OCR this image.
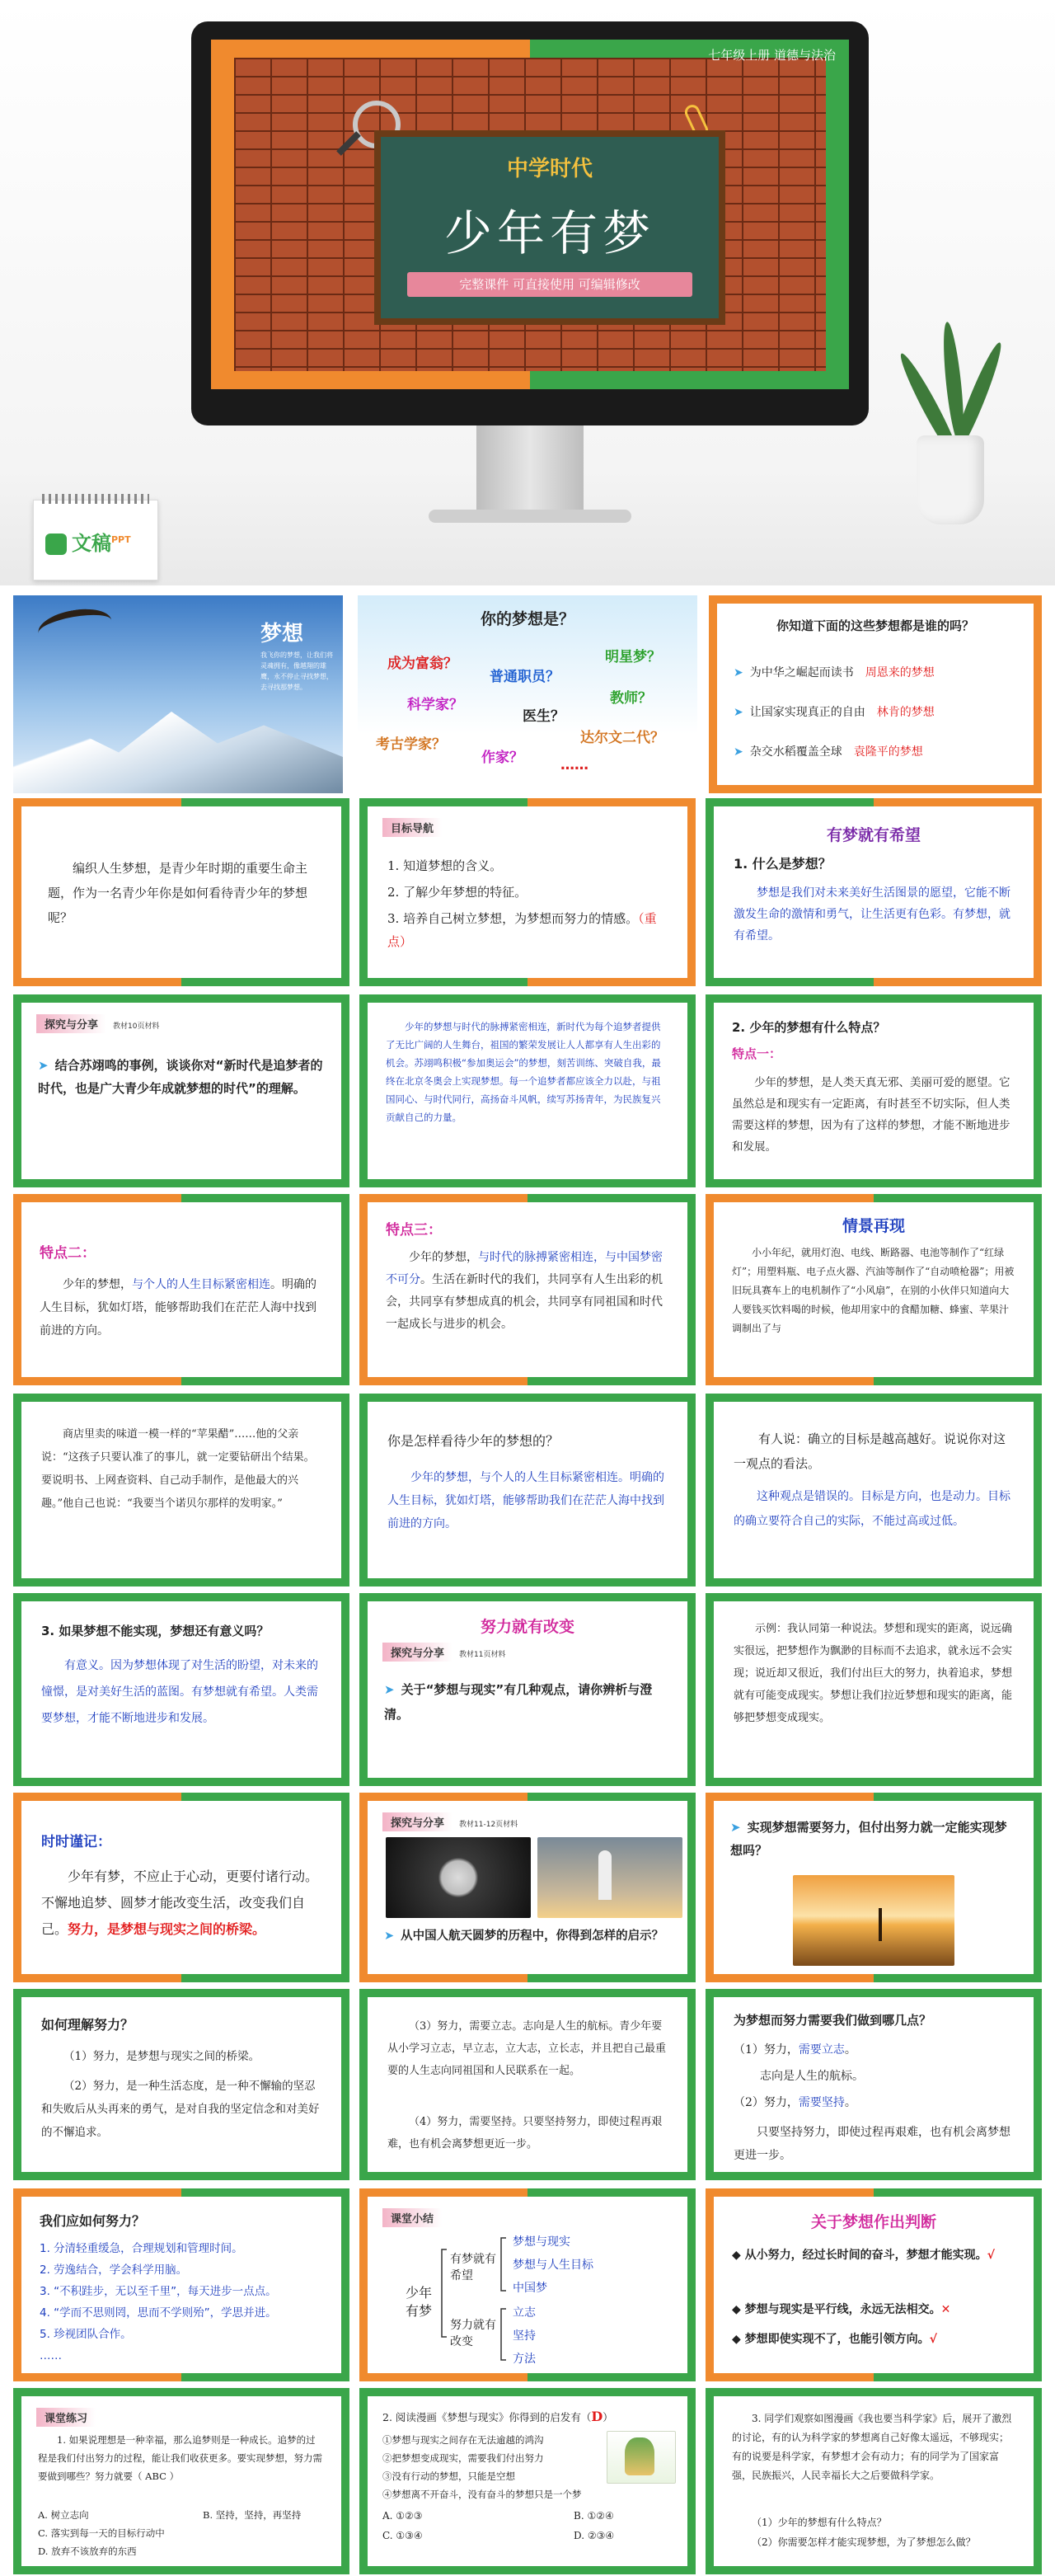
七年级上册 道德与法治
中学时代
少年有梦
完整课件 可直接使用 可编辑修改
文稿$^{PPT}$
梦想
我飞你的梦想，让我们将灵魂拥有，像越翔的雄鹰，永不停止寻找梦想，去寻找那梦想。
你的梦想是？
成为富翁？
普通职员？
明星梦？
科学家？
医生？
教师？
考古学家？
作家？
达尔文二代？
……
你知道下面的这些梦想都是谁的吗？
➤ 为中华之崛起而读书　 周恩来的梦想
➤ 让国家实现真正的自由　 林肯的梦想
➤ 杂交水稻覆盖全球　 袁隆平的梦想
编织人生梦想，是青少年时期的重要生命主题，作为一名青少年你是如何看待青少年的梦想呢？
目标导航
1. 知道梦想的含义。
2. 了解少年梦想的特征。
3. 培养自己树立梦想，为梦想而努力的情感。（重点）
有梦就有希望
1. 什么是梦想？
梦想是我们对未来美好生活图景的愿望，它能不断激发生命的激情和勇气，让生活更有色彩。有梦想，就有希望。
探究与分享 教材10页材料
➤ 结合苏翊鸣的事例，谈谈你对“新时代是追梦者的时代，也是广大青少年成就梦想的时代”的理解。
少年的梦想与时代的脉搏紧密相连，新时代为每个追梦者提供了无比广阔的人生舞台，祖国的繁荣发展让人人都享有人生出彩的机会。苏翊鸣积极“参加奥运会”的梦想，刻苦训练、突破自我，最终在北京冬奥会上实现梦想。每一个追梦者都应该全力以赴，与祖国同心、与时代同行，高扬奋斗风帆，续写苏扬青年，为民族复兴贡献自己的力量。
2. 少年的梦想有什么特点？
特点一：
少年的梦想，是人类天真无邪、美丽可爱的愿望。它虽然总是和现实有一定距离，有时甚至不切实际，但人类需要这样的梦想，因为有了这样的梦想，才能不断地进步和发展。
特点二：
少年的梦想，与个人的人生目标紧密相连。明确的人生目标，犹如灯塔，能够帮助我们在茫茫人海中找到前进的方向。
特点三：
少年的梦想，与时代的脉搏紧密相连，与中国梦密不可分。生活在新时代的我们，共同享有人生出彩的机会，共同享有梦想成真的机会，共同享有同祖国和时代一起成长与进步的机会。
情景再现
小小年纪，就用灯泡、电线、断路器、电池等制作了“红绿灯”；用塑料瓶、电子点火器、汽油等制作了“自动喷枪器”；用被旧玩具赛车上的电机制作了“小风扇”，在别的小伙伴只知道向大人要钱买饮料喝的时候，他却用家中的食醋加糖、蜂蜜、苹果汁调制出了与
商店里卖的味道一模一样的“苹果醋”……他的父亲说：“这孩子只要认准了的事儿，就一定要钻研出个结果。要说明书、上网查资料、自己动手制作，是他最大的兴趣。”他自己也说：“我要当个诺贝尔那样的发明家。”
你是怎样看待少年的梦想的？
少年的梦想，与个人的人生目标紧密相连。明确的人生目标，犹如灯塔，能够帮助我们在茫茫人海中找到前进的方向。
有人说：确立的目标是越高越好。说说你对这一观点的看法。
这种观点是错误的。目标是方向，也是动力。目标的确立要符合自己的实际，不能过高或过低。
3. 如果梦想不能实现，梦想还有意义吗？
有意义。因为梦想体现了对生活的盼望，对未来的憧憬，是对美好生活的蓝图。有梦想就有希望。人类需要梦想，才能不断地进步和发展。
努力就有改变
探究与分享 教材11页材料
➤ 关于“梦想与现实”有几种观点，请你辨析与澄清。
示例：我认同第一种说法。梦想和现实的距离，说远确实很远，把梦想作为飘渺的目标而不去追求，就永远不会实现；说近却又很近，我们付出巨大的努力，执着追求，梦想就有可能变成现实。梦想让我们拉近梦想和现实的距离，能够把梦想变成现实。
时时谨记：
少年有梦，不应止于心动，更要付诸行动。不懈地追梦、圆梦才能改变生活，改变我们自己。努力，是梦想与现实之间的桥梁。
探究与分享 教材11-12页材料
➤ 从中国人航天圆梦的历程中，你得到怎样的启示？
➤ 实现梦想需要努力，但付出努力就一定能实现梦想吗？
如何理解努力？
（1）努力，是梦想与现实之间的桥梁。
（2）努力，是一种生活态度，是一种不懈输的坚忍和失败后从头再来的勇气，是对自我的坚定信念和对美好的不懈追求。
（3）努力，需要立志。志向是人生的航标。青少年要从小学习立志，早立志，立大志，立长志，并且把自己最重要的人生志向同祖国和人民联系在一起。
（4）努力，需要坚持。只要坚持努力，即使过程再艰难，也有机会离梦想更近一步。
为梦想而努力需要我们做到哪几点？
（1）努力，需要立志。
志向是人生的航标。
（2）努力，需要坚持。
只要坚持努力，即使过程再艰难，也有机会离梦想更进一步。
我们应如何努力？
1. 分清轻重缓急，合理规划和管理时间。
2. 劳逸结合，学会科学用脑。
3. “不积跬步，无以至千里”，每天进步一点点。
4. “学而不思则罔，思而不学则殆”，学思并进。
5. 珍视团队合作。
……
课堂小结
少年有梦
有梦就有希望
努力就有改变
梦想与现实
梦想与人生目标
中国梦
立志
坚持
方法
关于梦想作出判断
◆ 从小努力，经过长时间的奋斗，梦想才能实现。√
◆ 梦想与现实是平行线，永远无法相交。✕
◆ 梦想即使实现不了，也能引领方向。√
课堂练习
1. 如果说理想是一种幸福，那么追梦则是一种成长。追梦的过程是我们付出努力的过程，能让我们收获更多。要实现梦想，努力需要做到哪些？努力就要（ ABC ）
A. 树立志向	B. 坚持，坚持，再坚持
C. 落实到每一天的目标行动中
D. 放弃不该放弃的东西
2. 阅读漫画《梦想与现实》你得到的启发有（D）
①梦想与现实之间存在无法逾越的鸿沟
②把梦想变成现实，需要我们付出努力
③没有行动的梦想，只能是空想
④梦想离不开奋斗，没有奋斗的梦想只是一个梦
A. ①②③	B. ①②④
C. ①③④	D. ②③④
3. 同学们观察如图漫画《我也要当科学家》后，展开了激烈的讨论，有的认为科学家的梦想离自己好像太遥远，不够现实；有的说要是科学家，有梦想才会有动力；有的同学为了国家富强，民族振兴，人民幸福长大之后要做科学家。
（1）少年的梦想有什么特点？
（2）你需要怎样才能实现梦想，为了梦想怎么做？
